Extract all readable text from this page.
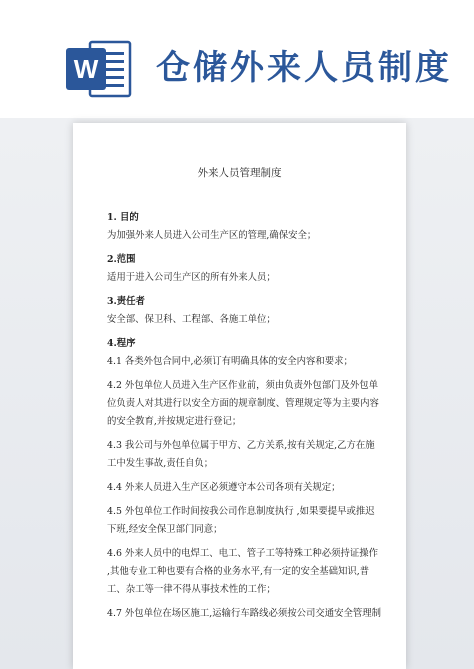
W 仓储外来人员制度
外来人员管理制度

1. 目的

为加强外来人员进入公司生产区的管理,确保安全；

2.范围

适用于进入公司生产区的所有外来人员；

3.责任者

安全部、保卫科、工程部、各施工单位；

4.程序

4.1 各类外包合同中,必须订有明确具体的安全内容和要求；

4.2 外包单位人员进入生产区作业前，须由负责外包部门及外包单位负责人对其进行以安全方面的规章制度、管理规定等为主要内容的安全教育,并按规定进行登记；

4.3 我公司与外包单位属于甲方、乙方关系,按有关规定,乙方在施工中发生事故,责任自负；

4.4 外来人员进入生产区必须遵守本公司各项有关规定；

4.5 外包单位工作时间按我公司作息制度执行 ,如果要提早或推迟下班,经安全保卫部门同意；

4.6 外来人员中的电焊工、电工、管子工等特殊工种必须持证操作 ,其他专业工种也要有合格的业务水平,有一定的安全基础知识,普工、杂工等一律不得从事技术性的工作；

4.7 外包单位在场区施工,运输行车路线必须按公司交通安全管理制
